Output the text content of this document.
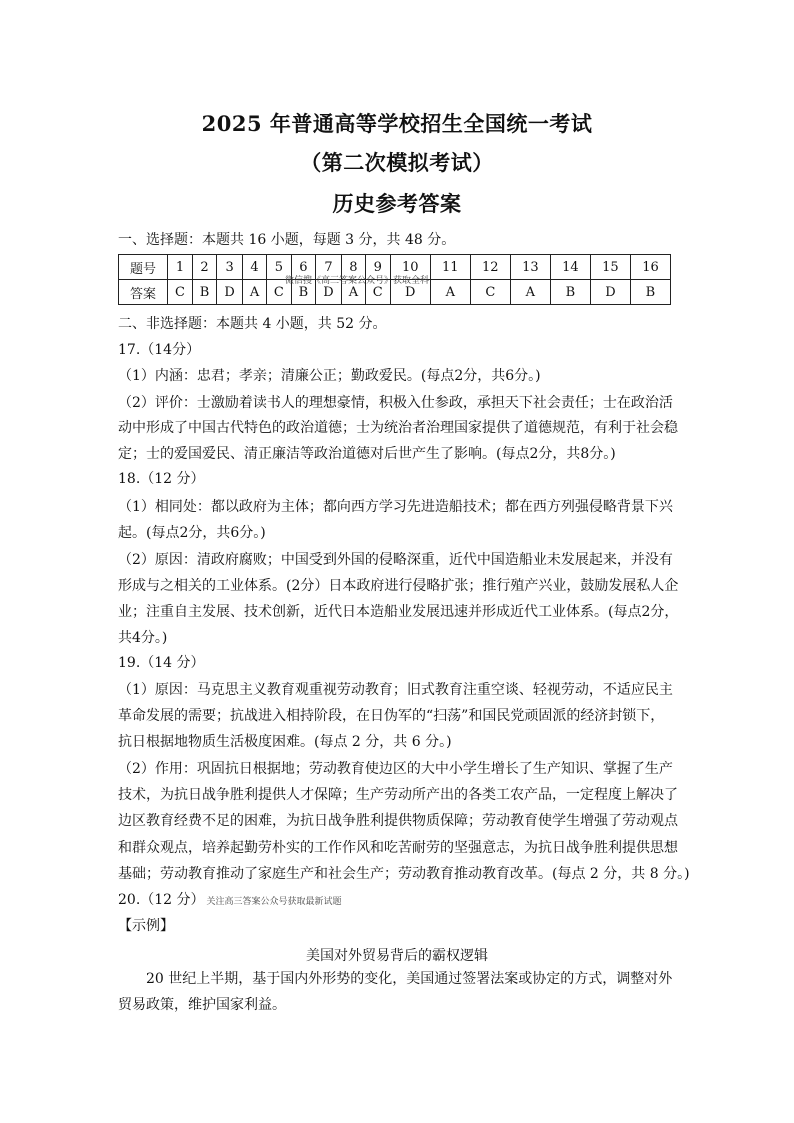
2025 年普通高等学校招生全国统一考试
（第二次模拟考试）
历史参考答案
一、选择题：本题共 16 小题，每题 3 分，共 48 分。
题号	1	2	3	4	5	6	7	8	9	10	11	12	13	14	15	16
答案	C	B	D	A	C	B	D	A	C	D	A	C	A	B	D	B
微信搜《高三答案公众号》获取全科
二、非选择题：本题共 4 小题，共 52 分。
17.（14分）
（1）内涵：忠君；孝亲；清廉公正；勤政爱民。(每点2分，共6分。)
（2）评价：士激励着读书人的理想豪情，积极入仕参政，承担天下社会责任；士在政治活
动中形成了中国古代特色的政治道德；士为统治者治理国家提供了道德规范，有利于社会稳
定；士的爱国爱民、清正廉洁等政治道德对后世产生了影响。(每点2分，共8分。)
18.（12 分）
（1）相同处：都以政府为主体；都向西方学习先进造船技术；都在西方列强侵略背景下兴
起。(每点2分，共6分。)
（2）原因：清政府腐败；中国受到外国的侵略深重，近代中国造船业未发展起来，并没有
形成与之相关的工业体系。(2分）日本政府进行侵略扩张；推行殖产兴业，鼓励发展私人企
业；注重自主发展、技术创新，近代日本造船业发展迅速并形成近代工业体系。(每点2分，
共4分。)
19.（14 分）
（1）原因：马克思主义教育观重视劳动教育；旧式教育注重空谈、轻视劳动，不适应民主
革命发展的需要；抗战进入相持阶段，在日伪军的“扫荡”和国民党顽固派的经济封锁下，
抗日根据地物质生活极度困难。(每点 2 分，共 6 分。)
（2）作用：巩固抗日根据地；劳动教育使边区的大中小学生增长了生产知识、掌握了生产
技术，为抗日战争胜利提供人才保障；生产劳动所产出的各类工农产品，一定程度上解决了
边区教育经费不足的困难，为抗日战争胜利提供物质保障；劳动教育使学生增强了劳动观点
和群众观点，培养起勤劳朴实的工作作风和吃苦耐劳的坚强意志，为抗日战争胜利提供思想
基础；劳动教育推动了家庭生产和社会生产；劳动教育推动教育改革。(每点 2 分，共 8 分。)
20.（12 分） 关注高三答案公众号获取最新试题
【示例】
美国对外贸易背后的霸权逻辑
20 世纪上半期，基于国内外形势的变化，美国通过签署法案或协定的方式，调整对外
贸易政策，维护国家利益。
